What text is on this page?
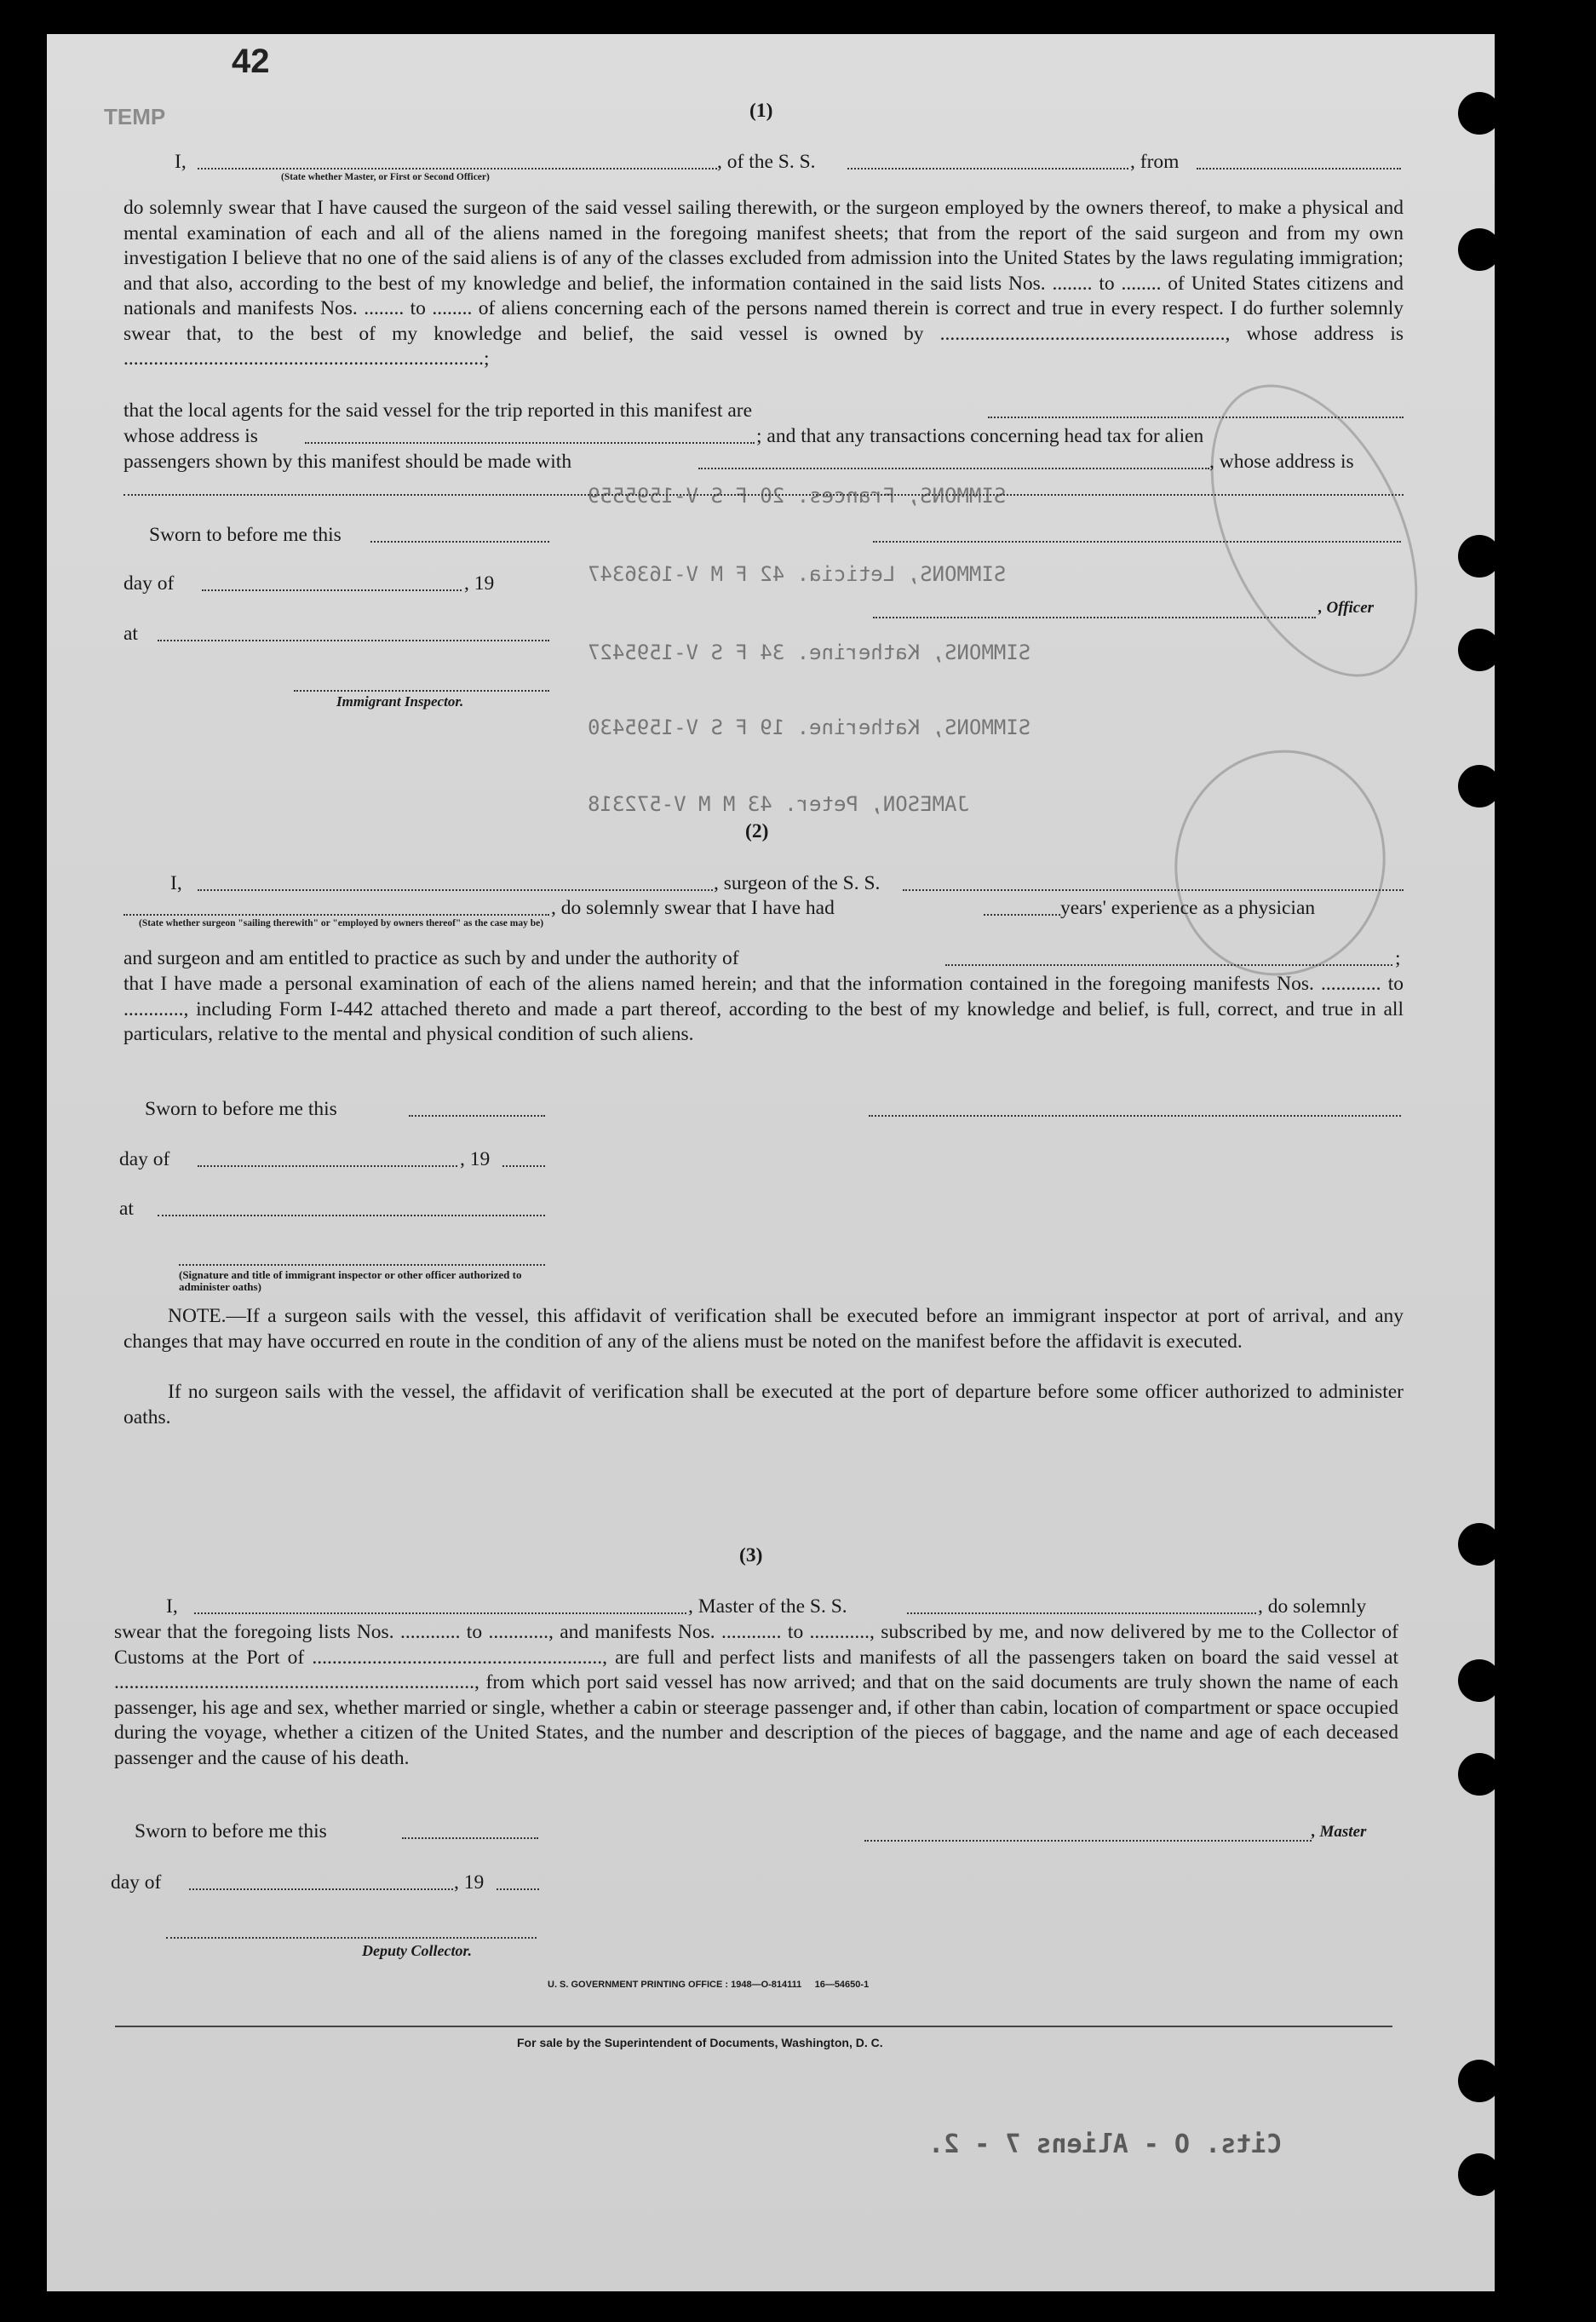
SIMMONS, Frances. 20 F S V-1595559
SIMMONS, Leticia. 42 F M V-1636347
SIMMONS, Katherine. 34 F S V-1595427
SIMMONS, Katherine. 19 F S V-1595430
JAMESON, Peter. 43 M M V-572318
42
TEMP	(1)
I,	, of the S. S.	, from
(State whether Master, or First or Second Officer)
do solemnly swear that I have caused the surgeon of the said vessel sailing therewith, or the surgeon employed by the owners thereof, to make a physical and mental examination of each and all of the aliens named in the foregoing manifest sheets; that from the report of the said surgeon and from my own investigation I believe that no one of the said aliens is of any of the classes excluded from admission into the United States by the laws regulating immigration; and that also, according to the best of my knowledge and belief, the information contained in the said lists Nos. ........ to ........ of United States citizens and nationals and manifests Nos. ........ to ........ of aliens concerning each of the persons named therein is correct and true in every respect. I do further solemnly swear that, to the best of my knowledge and belief, the said vessel is owned by ........................................................., whose address is ........................................................................;
that the local agents for the said vessel for the trip reported in this manifest are
whose address is	; and that any transactions concerning head tax for alien
passengers shown by this manifest should be made with	, whose address is
Sworn to before me this
day of	, 19
, Officer
at
Immigrant Inspector.
(2)
I,	, surgeon of the S. S.
, do solemnly swear that I have had	years' experience as a physician
(State whether surgeon "sailing therewith" or "employed by owners thereof" as the case may be)
and surgeon and am entitled to practice as such by and under the authority of	;
that I have made a personal examination of each of the aliens named herein; and that the information contained in the foregoing manifests Nos. ............ to ............, including Form I-442 attached thereto and made a part thereof, according to the best of my knowledge and belief, is full, correct, and true in all particulars, relative to the mental and physical condition of such aliens.
Sworn to before me this
day of	, 19
at
(Signature and title of immigrant inspector or other officer authorized to administer oaths)
NOTE.—If a surgeon sails with the vessel, this affidavit of verification shall be executed before an immigrant inspector at port of arrival, and any changes that may have occurred en route in the condition of any of the aliens must be noted on the manifest before the affidavit is executed.
If no surgeon sails with the vessel, the affidavit of verification shall be executed at the port of departure before some officer authorized to administer oaths.
(3)
I,	, Master of the S. S.	, do solemnly
swear that the foregoing lists Nos. ............ to ............, and manifests Nos. ............ to ............, subscribed by me, and now delivered by me to the Collector of Customs at the Port of .........................................................., are full and perfect lists and manifests of all the passengers taken on board the said vessel at ........................................................................, from which port said vessel has now arrived; and that on the said documents are truly shown the name of each passenger, his age and sex, whether married or single, whether a cabin or steerage passenger and, if other than cabin, location of compartment or space occupied during the voyage, whether a citizen of the United States, and the number and description of the pieces of baggage, and the name and age of each deceased passenger and the cause of his death.
Sworn to before me this	, Master
day of	, 19
Deputy Collector.
U. S. GOVERNMENT PRINTING OFFICE : 1948—O-814111     16—54650-1
For sale by the Superintendent of Documents, Washington, D. C.
Cits. O - Aliens 7 - 2.
